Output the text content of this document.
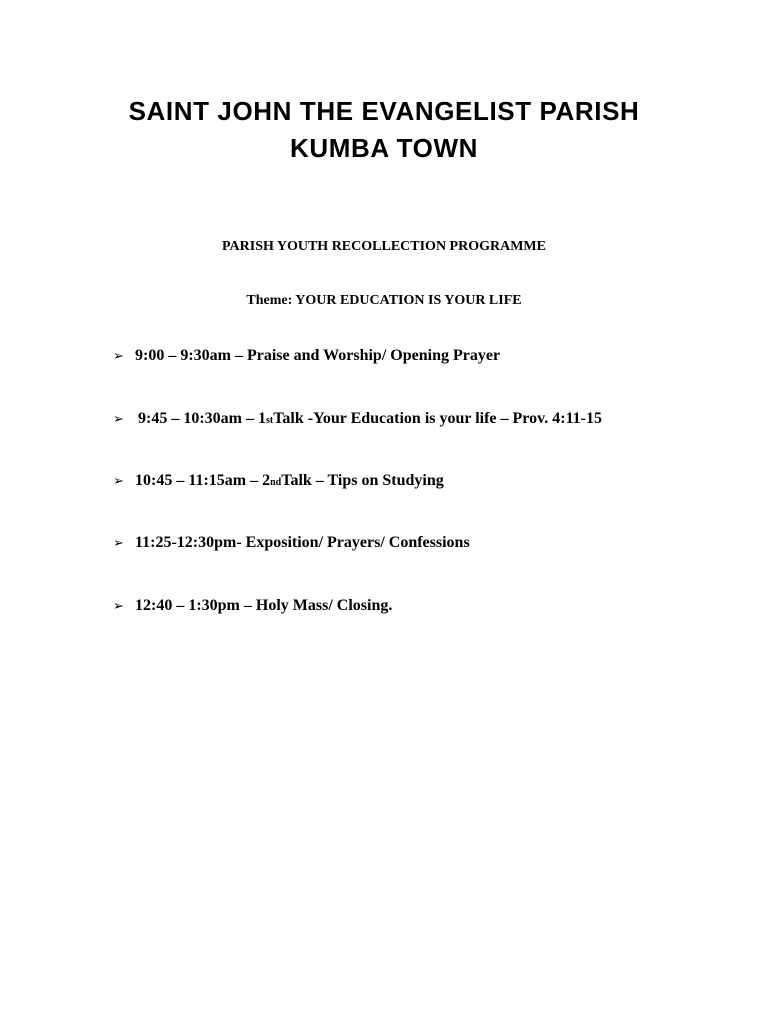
SAINT JOHN THE EVANGELIST PARISH
KUMBA TOWN
PARISH YOUTH RECOLLECTION PROGRAMME
Theme: YOUR EDUCATION IS YOUR LIFE
➢ 9:00 – 9:30am – Praise and Worship/ Opening Prayer
➢ 9:45 – 10:30am – 1 st Talk -Your Education is your life – Prov. 4:11-15
➢ 10:45 – 11:15am – 2 nd Talk – Tips on Studying
➢ 11:25-12:30pm- Exposition/ Prayers/ Confessions
➢ 12:40 – 1:30pm – Holy Mass/ Closing.
